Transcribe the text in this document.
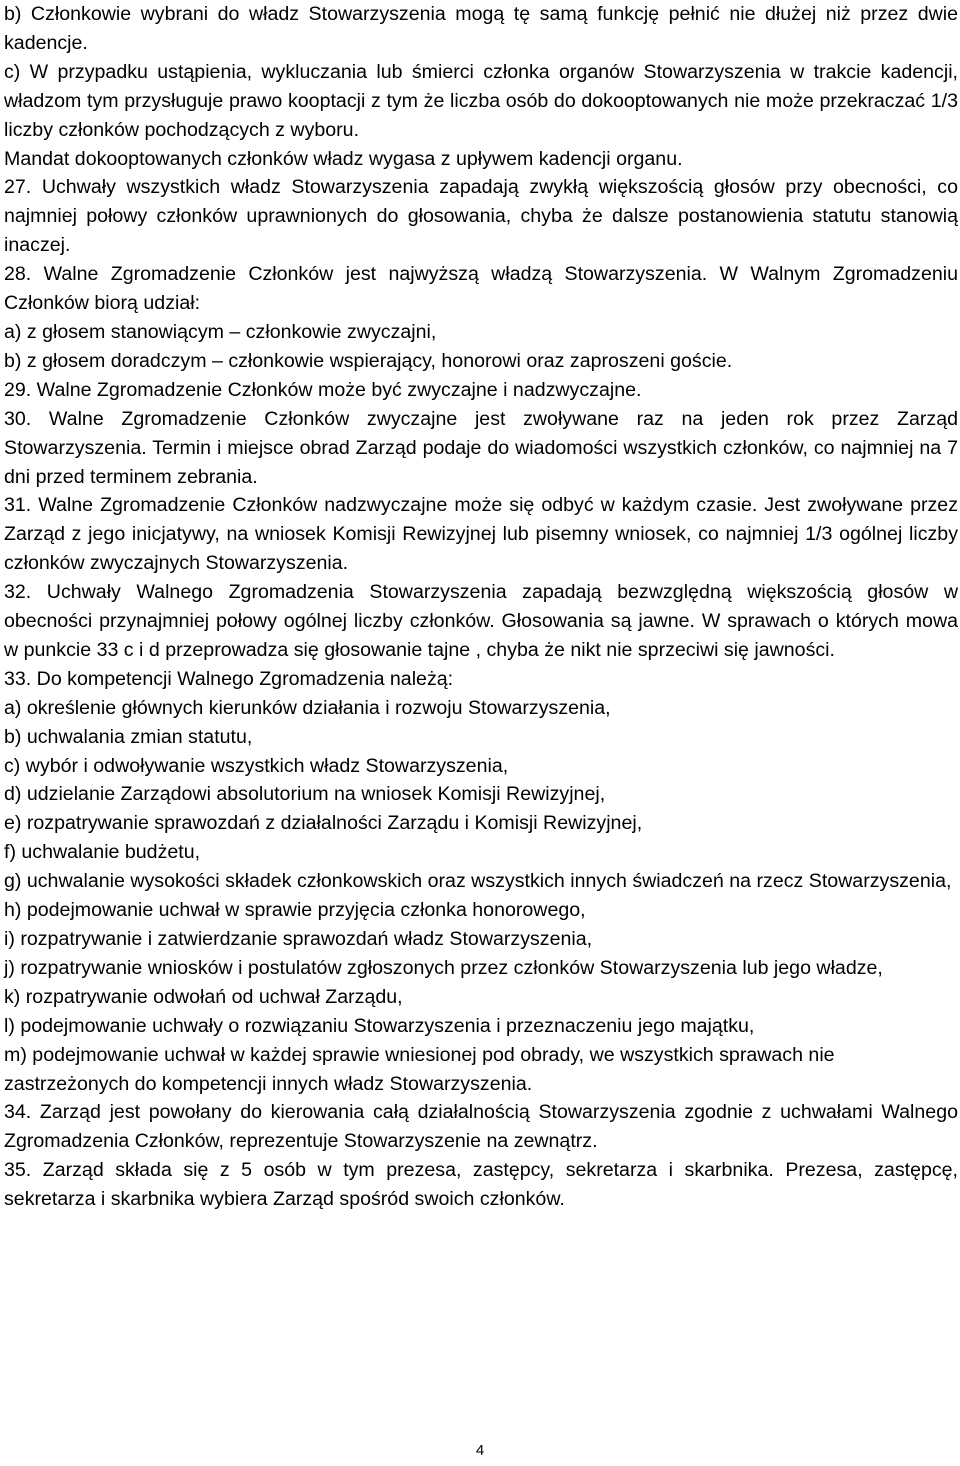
b) Członkowie wybrani do władz Stowarzyszenia mogą tę samą funkcję pełnić nie dłużej niż przez dwie kadencje.

c) W przypadku ustąpienia, wykluczania lub śmierci członka organów Stowarzyszenia w trakcie kadencji, władzom tym przysługuje prawo kooptacji z tym że liczba osób do dokooptowanych nie może przekraczać 1/3 liczby członków pochodzących z wyboru.

Mandat dokooptowanych członków władz wygasa z upływem kadencji organu.

27. Uchwały wszystkich władz Stowarzyszenia zapadają zwykłą większością głosów przy obecności, co najmniej połowy członków uprawnionych do głosowania, chyba że dalsze postanowienia statutu stanowią inaczej.

28. Walne Zgromadzenie Członków jest najwyższą władzą Stowarzyszenia. W Walnym Zgromadzeniu Członków biorą udział:

a) z głosem stanowiącym – członkowie zwyczajni,

b) z głosem doradczym – członkowie wspierający, honorowi oraz zaproszeni goście.

29. Walne Zgromadzenie Członków może być zwyczajne i nadzwyczajne.

30. Walne Zgromadzenie Członków zwyczajne jest zwoływane raz na jeden rok przez Zarząd Stowarzyszenia. Termin i miejsce obrad Zarząd podaje do wiadomości wszystkich członków, co najmniej na 7 dni przed terminem zebrania.

31. Walne Zgromadzenie Członków nadzwyczajne może się odbyć w każdym czasie. Jest zwoływane przez Zarząd z jego inicjatywy, na wniosek Komisji Rewizyjnej lub pisemny wniosek, co najmniej 1/3 ogólnej liczby członków zwyczajnych Stowarzyszenia.

32. Uchwały Walnego Zgromadzenia Stowarzyszenia zapadają bezwzględną większością głosów w obecności przynajmniej połowy ogólnej liczby członków. Głosowania są jawne. W sprawach o których mowa w punkcie 33 c i d przeprowadza się głosowanie tajne , chyba że nikt nie sprzeciwi się jawności.

33. Do kompetencji Walnego Zgromadzenia należą:

a) określenie głównych kierunków działania i rozwoju Stowarzyszenia,

b) uchwalania zmian statutu,

c) wybór i odwoływanie wszystkich władz Stowarzyszenia,

d) udzielanie Zarządowi absolutorium na wniosek Komisji Rewizyjnej,

e) rozpatrywanie sprawozdań z działalności Zarządu i Komisji Rewizyjnej,

f) uchwalanie budżetu,

g) uchwalanie wysokości składek członkowskich oraz wszystkich innych świadczeń na rzecz Stowarzyszenia,

h) podejmowanie uchwał w sprawie przyjęcia członka honorowego,

i) rozpatrywanie i zatwierdzanie sprawozdań władz Stowarzyszenia,

j) rozpatrywanie wniosków i postulatów zgłoszonych przez członków Stowarzyszenia lub jego władze,

k) rozpatrywanie odwołań od uchwał Zarządu,

l) podejmowanie uchwały o rozwiązaniu Stowarzyszenia i przeznaczeniu jego majątku,

m) podejmowanie uchwał w każdej sprawie wniesionej pod obrady, we wszystkich sprawach nie zastrzeżonych do kompetencji innych władz Stowarzyszenia.

34. Zarząd jest powołany do kierowania całą działalnością Stowarzyszenia zgodnie z uchwałami Walnego Zgromadzenia Członków, reprezentuje Stowarzyszenie na zewnątrz.

35. Zarząd składa się z 5 osób w tym prezesa, zastępcy, sekretarza i skarbnika. Prezesa, zastępcę, sekretarza i skarbnika wybiera Zarząd spośród swoich członków.

4
